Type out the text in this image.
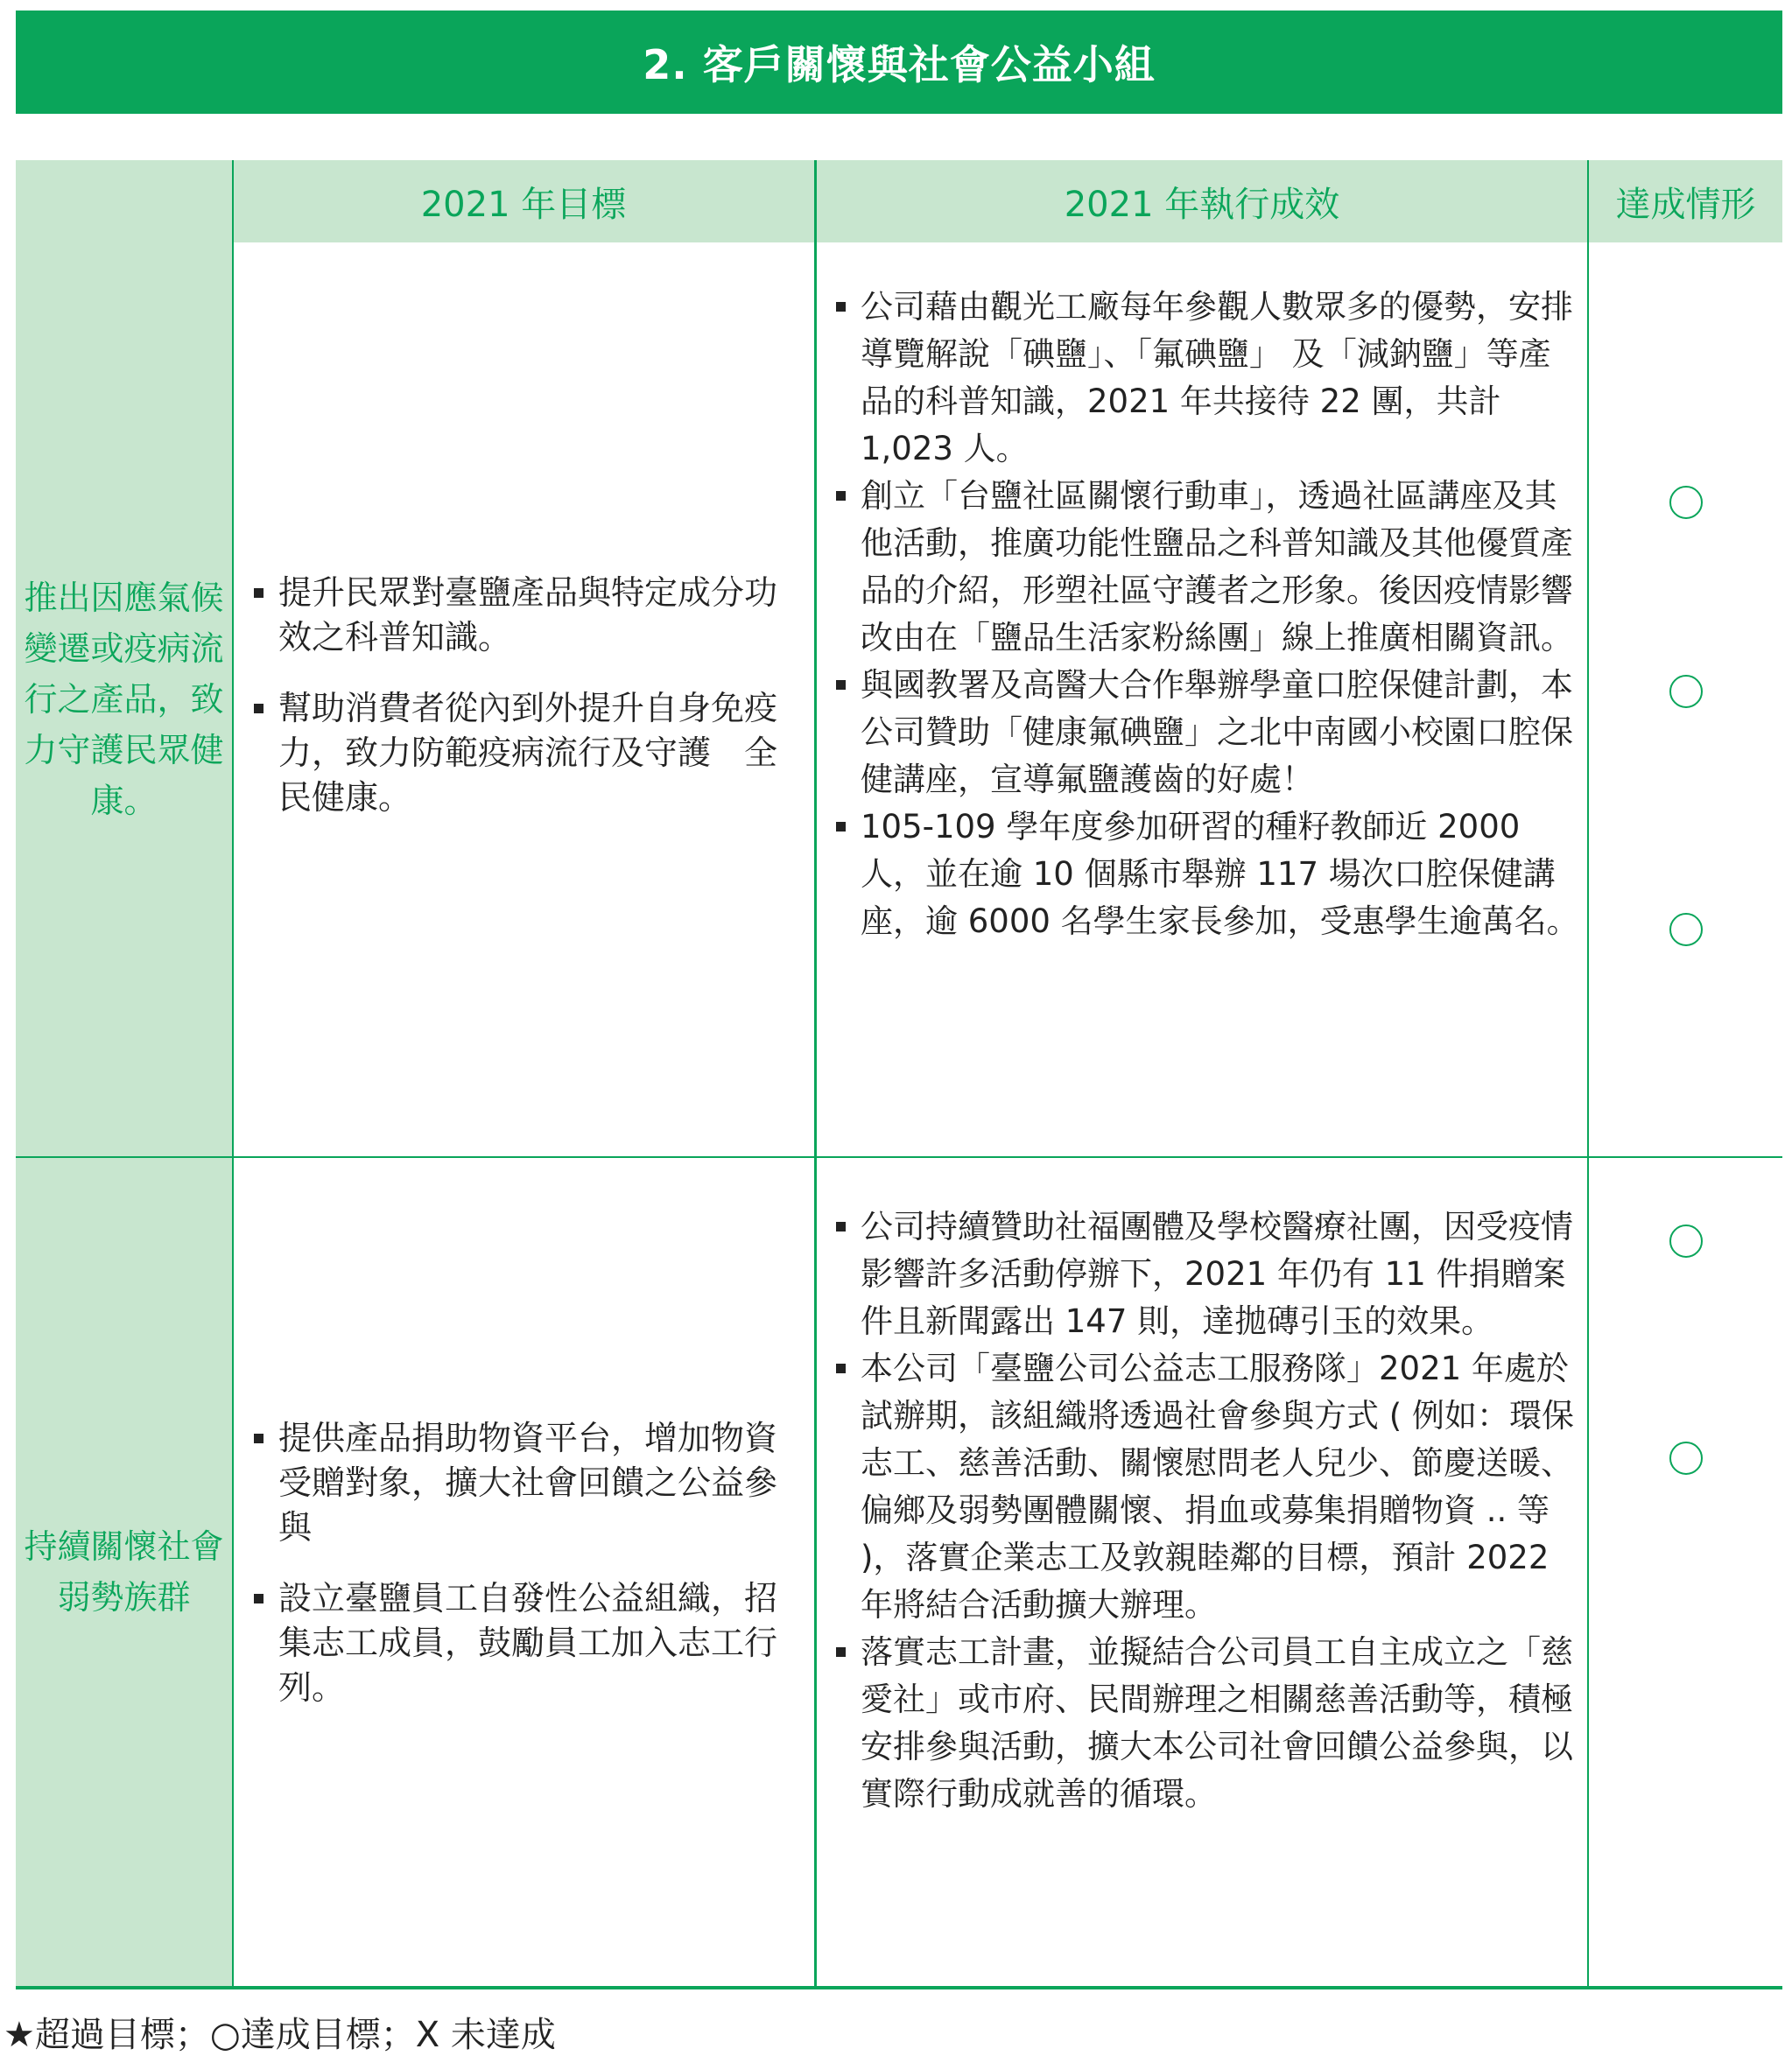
2. 客戶關懷與社會公益小組
2021 年目標	2021 年執行成效	達成情形
推出因應氣候變遷或疫病流行之產品，致力守護民眾健康。
提升民眾對臺鹽產品與特定成分功效之科普知識。
幫助消費者從內到外提升自身免疫力，致力防範疫病流行及守護　全民健康。
公司藉由觀光工廠每年參觀人數眾多的優勢，安排導覽解說「碘鹽」、「氟碘鹽」 及「減鈉鹽」等產品的科普知識，2021 年共接待 22 團，共計 1,023 人。
創立「台鹽社區關懷行動車」，透過社區講座及其他活動，推廣功能性鹽品之科普知識及其他優質產品的介紹，形塑社區守護者之形象。後因疫情影響改由在「鹽品生活家粉絲團」線上推廣相關資訊。
與國教署及高醫大合作舉辦學童口腔保健計劃，本公司贊助「健康氟碘鹽」之北中南國小校園口腔保健講座，宣導氟鹽護齒的好處！
105-109 學年度參加研習的種籽教師近 2000 人，並在逾 10 個縣市舉辦 117 場次口腔保健講座，逾 6000 名學生家長參加，受惠學生逾萬名。
持續關懷社會弱勢族群
提供產品捐助物資平台，增加物資受贈對象，擴大社會回饋之公益參與
設立臺鹽員工自發性公益組織，招集志工成員，鼓勵員工加入志工行列。
公司持續贊助社福團體及學校醫療社團，因受疫情影響許多活動停辦下，2021 年仍有 11 件捐贈案件且新聞露出 147 則，達拋磚引玉的效果。
本公司「臺鹽公司公益志工服務隊」2021 年處於試辦期，該組織將透過社會參與方式 ( 例如：環保志工、慈善活動、關懷慰問老人兒少、節慶送暖、偏鄉及弱勢團體關懷、捐血或募集捐贈物資 .. 等 )，落實企業志工及敦親睦鄰的目標，預計 2022 年將結合活動擴大辦理。
落實志工計畫，並擬結合公司員工自主成立之「慈愛社」或市府、民間辦理之相關慈善活動等，積極安排參與活動，擴大本公司社會回饋公益參與，以實際行動成就善的循環。
★超過目標；○達成目標；X 未達成
